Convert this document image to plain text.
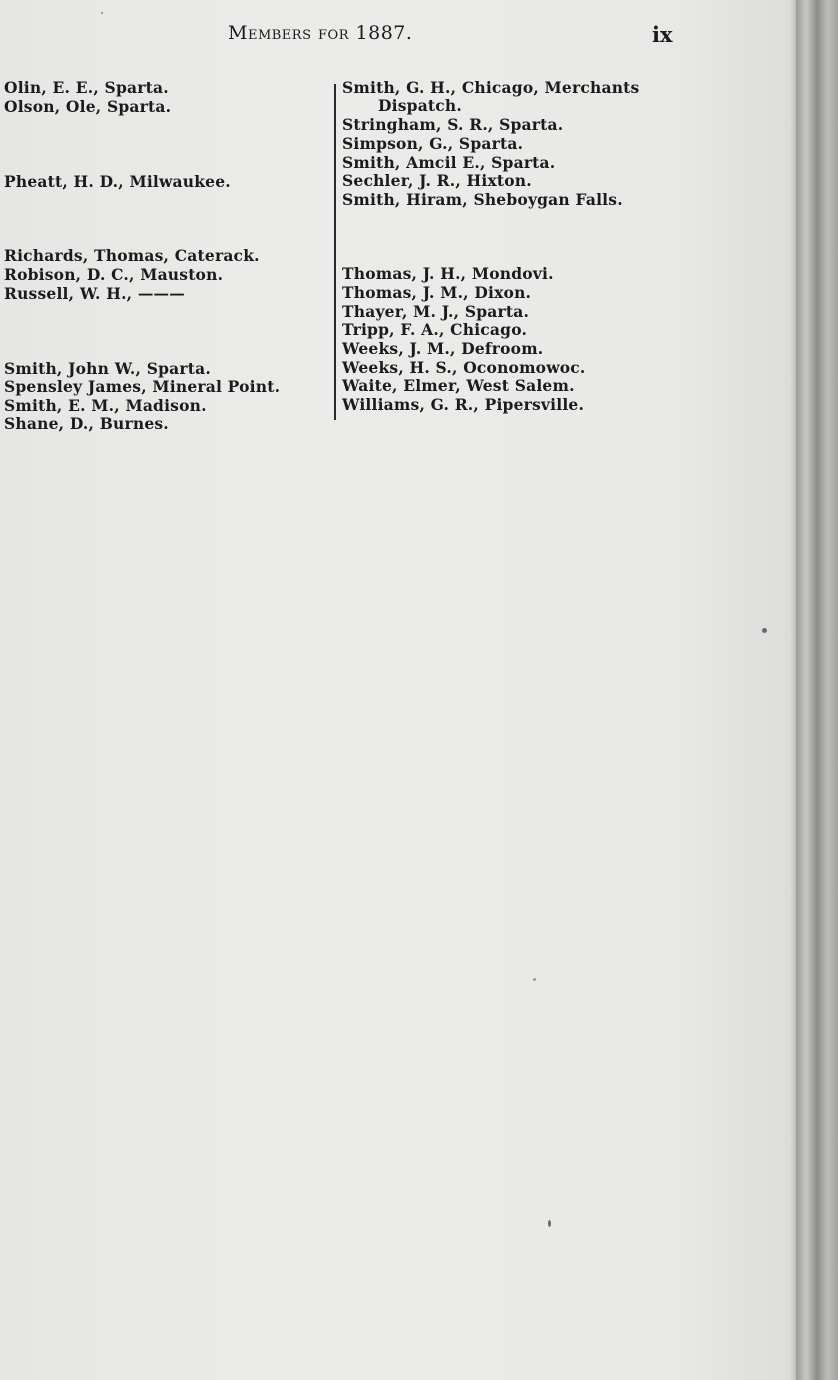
Members for 1887.	ix
Olin, E. E., Sparta.
Olson, Ole, Sparta.
Pheatt, H. D., Milwaukee.
Richards, Thomas, Caterack.
Robison, D. C., Mauston.
Russell, W. H., ———
Smith, John W., Sparta.
Spensley James, Mineral Point.
Smith, E. M., Madison.
Shane, D., Burnes.
Smith, G. H., Chicago, Merchants
Dispatch.
Stringham, S. R., Sparta.
Simpson, G., Sparta.
Smith, Amcil E., Sparta.
Sechler, J. R., Hixton.
Smith, Hiram, Sheboygan Falls.
Thomas, J. H., Mondovi.
Thomas, J. M., Dixon.
Thayer, M. J., Sparta.
Tripp, F. A., Chicago.
Weeks, J. M., Defroom.
Weeks, H. S., Oconomowoc.
Waite, Elmer, West Salem.
Williams, G. R., Pipersville.
